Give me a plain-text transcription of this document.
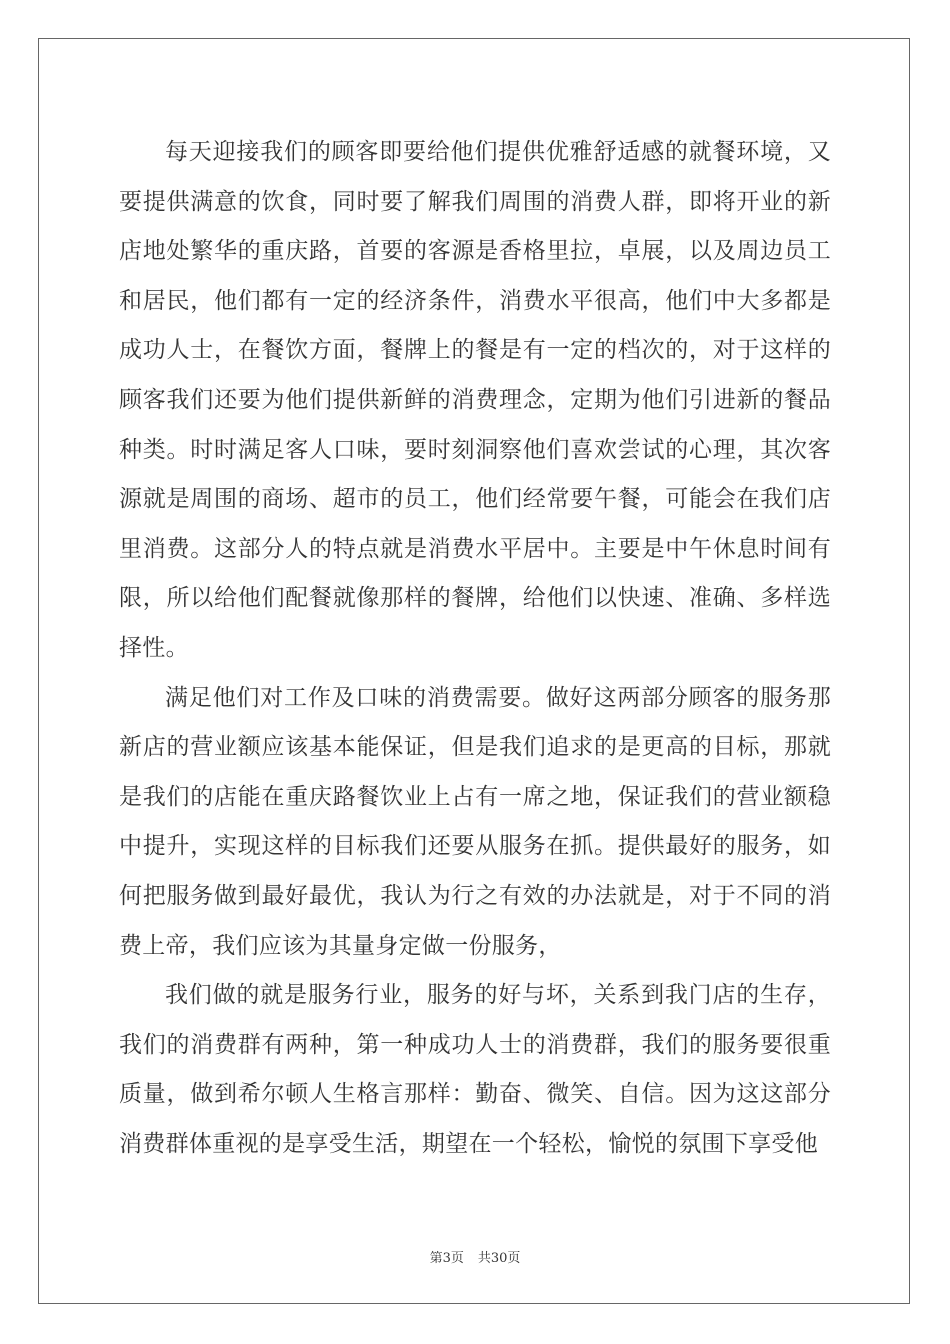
每天迎接我们的顾客即要给他们提供优雅舒适感的就餐环境，又要提供满意的饮食，同时要了解我们周围的消费人群，即将开业的新店地处繁华的重庆路，首要的客源是香格里拉，卓展，以及周边员工和居民，他们都有一定的经济条件，消费水平很高，他们中大多都是成功人士，在餐饮方面，餐牌上的餐是有一定的档次的，对于这样的顾客我们还要为他们提供新鲜的消费理念，定期为他们引进新的餐品种类。时时满足客人口味，要时刻洞察他们喜欢尝试的心理，其次客源就是周围的商场、超市的员工，他们经常要午餐，可能会在我们店里消费。这部分人的特点就是消费水平居中。主要是中午休息时间有限，所以给他们配餐就像那样的餐牌，给他们以快速、准确、多样选择性。

满足他们对工作及口味的消费需要。做好这两部分顾客的服务那新店的营业额应该基本能保证，但是我们追求的是更高的目标，那就是我们的店能在重庆路餐饮业上占有一席之地，保证我们的营业额稳中提升，实现这样的目标我们还要从服务在抓。提供最好的服务，如何把服务做到最好最优，我认为行之有效的办法就是，对于不同的消费上帝，我们应该为其量身定做一份服务，

我们做的就是服务行业，服务的好与坏，关系到我门店的生存，我们的消费群有两种，第一种成功人士的消费群，我们的服务要很重质量，做到希尔顿人生格言那样：勤奋、微笑、自信。因为这这部分消费群体重视的是享受生活，期望在一个轻松，愉悦的氛围下享受他

第3页 共30页
